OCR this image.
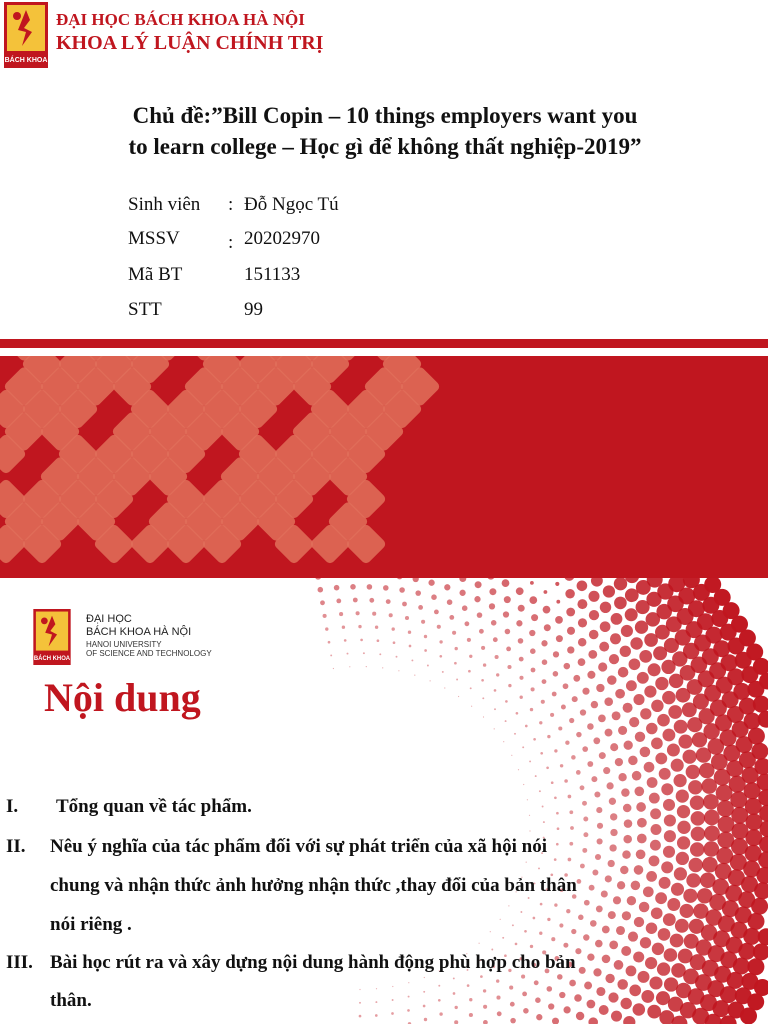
BÁCH KHOA
ĐẠI HỌC BÁCH KHOA HÀ NỘI
KHOA LÝ LUẬN CHÍNH TRỊ
Chủ đề:”Bill Copin – 10 things employers want you
to learn college – Học gì để không thất nghiệp-2019”
Sinh viên : Đỗ Ngọc Tú
MSSV	: 20202970
Mã BT	151133
STT	99
BÁCH KHOA
ĐẠI HỌC
BÁCH KHOA HÀ NỘI
HANOI UNIVERSITY
OF SCIENCE AND TECHNOLOGY
Nội dung
I. Tổng quan về tác phẩm.
II. Nêu ý nghĩa của tác phẩm đối với sự phát triển của xã hội nói
chung và nhận thức ảnh hưởng nhận thức ,thay đổi của bản thân
nói riêng .
III. Bài học rút ra và xây dựng nội dung hành động phù hợp cho bản
thân.
